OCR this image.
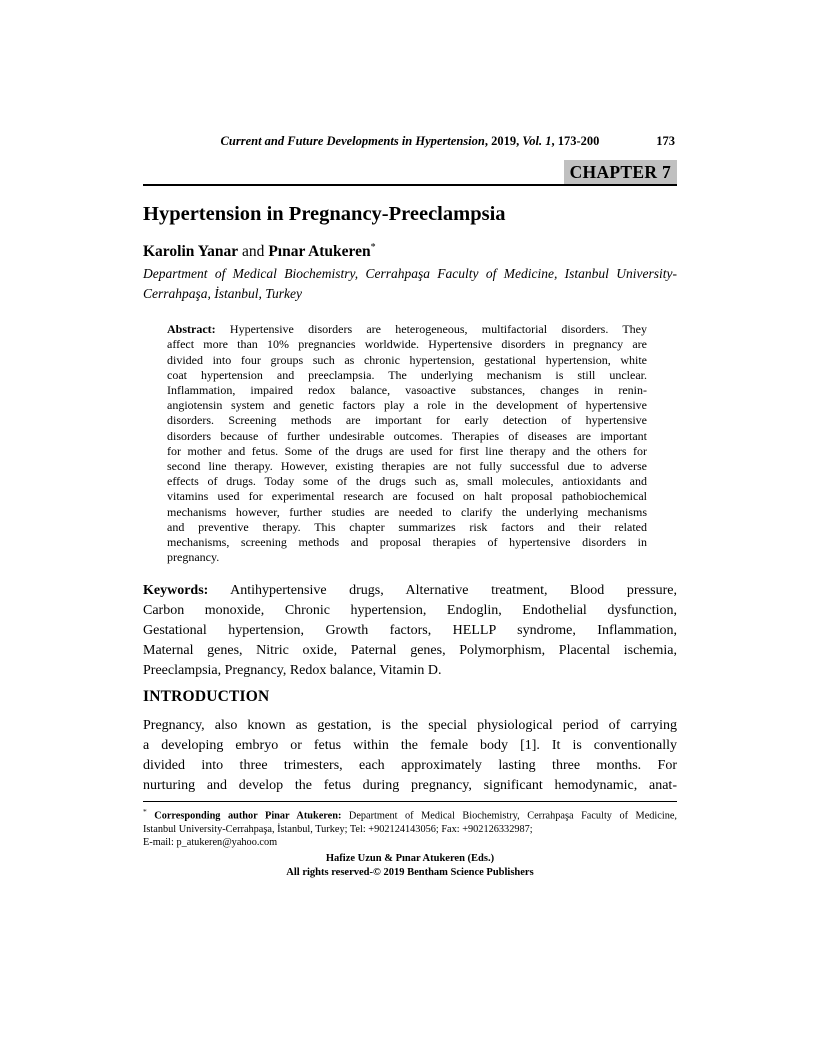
Current and Future Developments in Hypertension, 2019, Vol. 1, 173-200	173
CHAPTER 7
Hypertension in Pregnancy-Preeclampsia
Karolin Yanar and Pınar Atukeren*
Department of Medical Biochemistry, Cerrahpaşa Faculty of Medicine, Istanbul University-
Cerrahpaşa, İstanbul, Turkey
Abstract: Hypertensive disorders are heterogeneous, multifactorial disorders. They
affect more than 10% pregnancies worldwide. Hypertensive disorders in pregnancy are
divided into four groups such as chronic hypertension, gestational hypertension, white
coat hypertension and preeclampsia. The underlying mechanism is still unclear.
Inflammation, impaired redox balance, vasoactive substances, changes in renin-
angiotensin system and genetic factors play a role in the development of hypertensive
disorders. Screening methods are important for early detection of hypertensive
disorders because of further undesirable outcomes. Therapies of diseases are important
for mother and fetus. Some of the drugs are used for first line therapy and the others for
second line therapy. However, existing therapies are not fully successful due to adverse
effects of drugs. Today some of the drugs such as, small molecules, antioxidants and
vitamins used for experimental research are focused on halt proposal pathobiochemical
mechanisms however, further studies are needed to clarify the underlying mechanisms
and preventive therapy. This chapter summarizes risk factors and their related
mechanisms, screening methods and proposal therapies of hypertensive disorders in
pregnancy.
Keywords: Antihypertensive drugs, Alternative treatment, Blood pressure,
Carbon monoxide, Chronic hypertension, Endoglin, Endothelial dysfunction,
Gestational hypertension, Growth factors, HELLP syndrome, Inflammation,
Maternal genes, Nitric oxide, Paternal genes, Polymorphism, Placental ischemia,
Preeclampsia, Pregnancy, Redox balance, Vitamin D.
INTRODUCTION
Pregnancy, also known as gestation, is the special physiological period of carrying
a developing embryo or fetus within the female body [1]. It is conventionally
divided into three trimesters, each approximately lasting three months. For
nurturing and develop the fetus during pregnancy, significant hemodynamic, anat-
* Corresponding author Pinar Atukeren: Department of Medical Biochemistry, Cerrahpaşa Faculty of Medicine,
Istanbul University-Cerrahpaşa, İstanbul, Turkey; Tel: +902124143056; Fax: +902126332987;
E-mail: p_atukeren@yahoo.com
Hafize Uzun & Pınar Atukeren (Eds.)
All rights reserved-© 2019 Bentham Science Publishers
